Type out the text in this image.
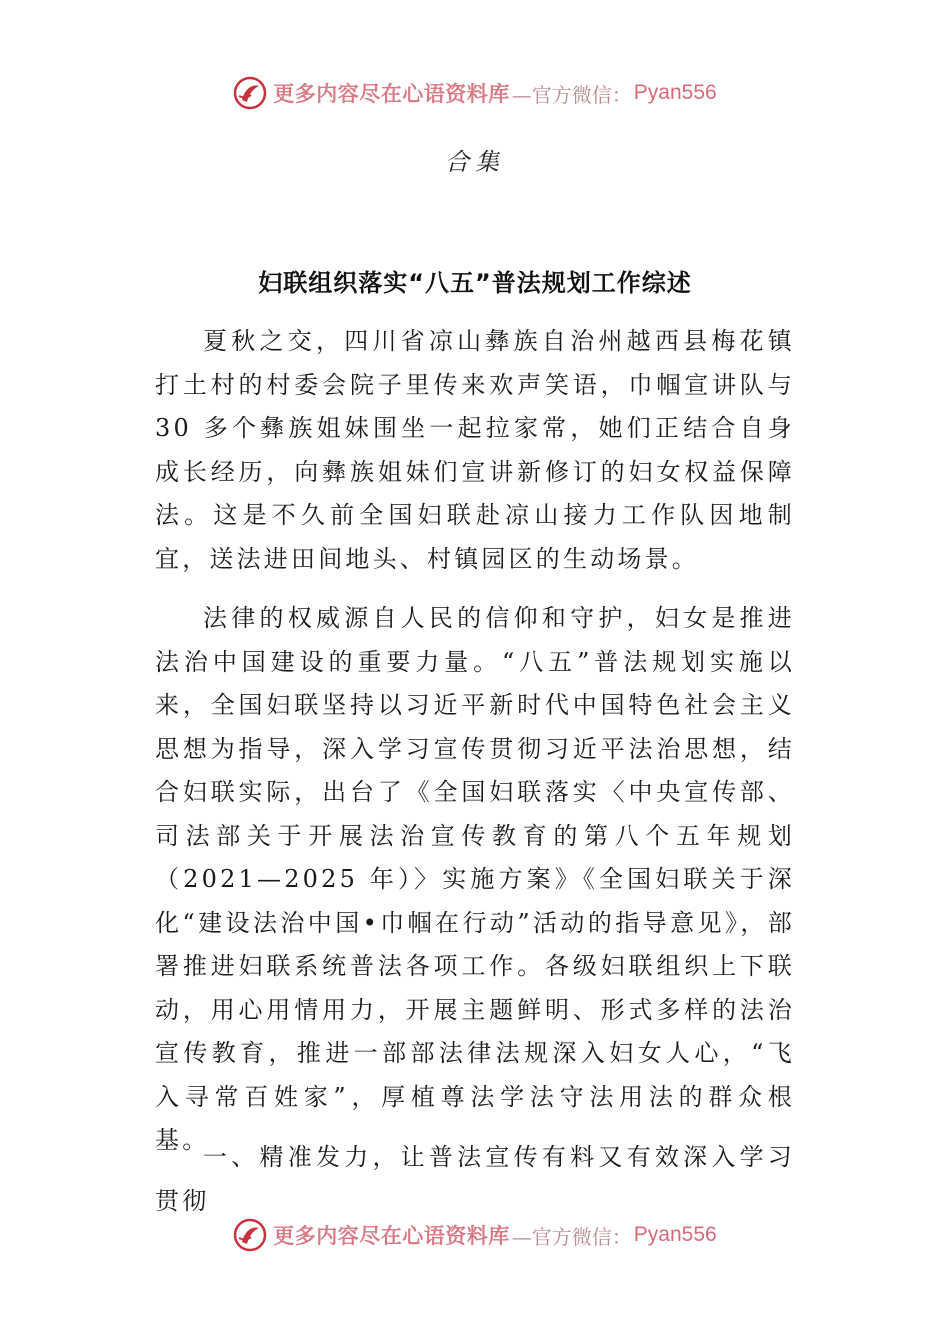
更多内容尽在心语资料库 —官方微信： Pyan556
合集
妇联组织落实“八五”普法规划工作综述

夏秋之交，四川省凉山彝族自治州越西县梅花镇打土村的村委会院子里传来欢声笑语，巾帼宣讲队与 30 多个彝族姐妹围坐一起拉家常，她们正结合自身成长经历，向彝族姐妹们宣讲新修订的妇女权益保障法。这是不久前全国妇联赴凉山接力工作队因地制宜，送法进田间地头、村镇园区的生动场景。

法律的权威源自人民的信仰和守护，妇女是推进法治中国建设的重要力量。“八五”普法规划实施以来，全国妇联坚持以习近平新时代中国特色社会主义思想为指导，深入学习宣传贯彻习近平法治思想，结合妇联实际，出台了《全国妇联落实〈中央宣传部、司法部关于开展法治宣传教育的第八个五年规划（2021—2025 年）〉实施方案》《全国妇联关于深化“建设法治中国•巾帼在行动”活动的指导意见》，部署推进妇联系统普法各项工作。各级妇联组织上下联动，用心用情用力，开展主题鲜明、形式多样的法治宣传教育，推进一部部法律法规深入妇女人心，“飞入寻常百姓家”，厚植尊法学法守法用法的群众根基。

一、精准发力，让普法宣传有料又有效深入学习贯彻

更多内容尽在心语资料库 —官方微信： Pyan556
